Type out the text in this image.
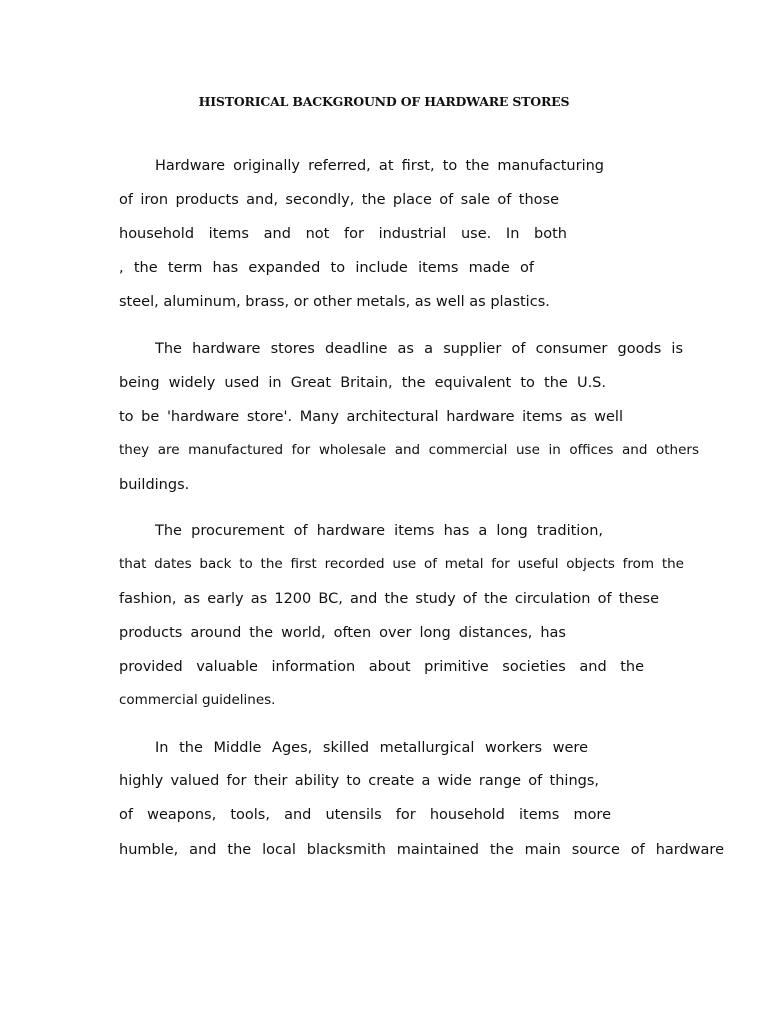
HISTORICAL BACKGROUND OF HARDWARE STORES
Hardware originally referred, at first, to the manufacturing
of iron products and, secondly, the place of sale of those
household items and not for industrial use. In both
, the term has expanded to include items made of
steel, aluminum, brass, or other metals, as well as plastics.
The hardware stores deadline as a supplier of consumer goods is
being widely used in Great Britain, the equivalent to the U.S.
to be 'hardware store'. Many architectural hardware items as well
they are manufactured for wholesale and commercial use in offices and others
buildings.
The procurement of hardware items has a long tradition,
that dates back to the first recorded use of metal for useful objects from the
fashion, as early as 1200 BC, and the study of the circulation of these
products around the world, often over long distances, has
provided valuable information about primitive societies and the
commercial guidelines.
In the Middle Ages, skilled metallurgical workers were
highly valued for their ability to create a wide range of things,
of weapons, tools, and utensils for household items more
humble, and the local blacksmith maintained the main source of hardware
